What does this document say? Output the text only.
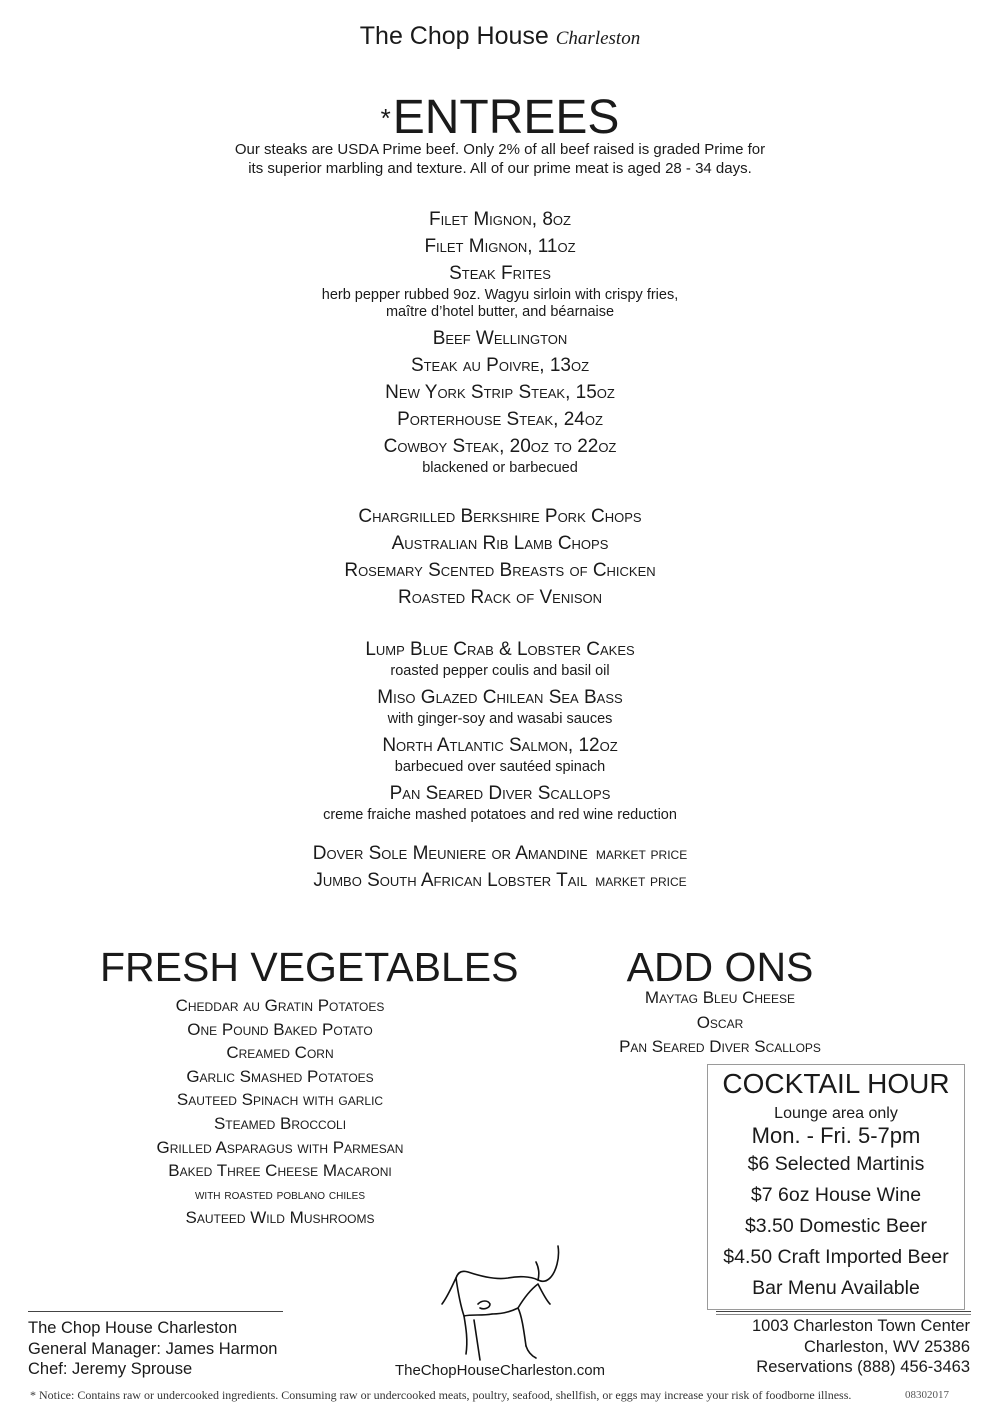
The Chop House Charleston
*ENTREES
Our steaks are USDA Prime beef. Only 2% of all beef raised is graded Prime for
its superior marbling and texture. All of our prime meat is aged 28 - 34 days.
Filet Mignon, 8oz
Filet Mignon, 11oz
Steak Frites
herb pepper rubbed 9oz. Wagyu sirloin with crispy fries,
maître d’hotel butter, and béarnaise
Beef Wellington
Steak au Poivre, 13oz
New York Strip Steak, 15oz
Porterhouse Steak, 24oz
Cowboy Steak, 20oz to 22oz
blackened or barbecued
Chargrilled Berkshire Pork Chops
Australian Rib Lamb Chops
Rosemary Scented Breasts of Chicken
Roasted Rack of Venison
Lump Blue Crab & Lobster Cakes
roasted pepper coulis and basil oil
Miso Glazed Chilean Sea Bass
with ginger-soy and wasabi sauces
North Atlantic Salmon, 12oz
barbecued over sautéed spinach
Pan Seared Diver Scallops
creme fraiche mashed potatoes and red wine reduction
Dover Sole Meuniere or Amandine market price
Jumbo South African Lobster Tail market price
FRESH VEGETABLES
Cheddar au Gratin Potatoes
One Pound Baked Potato
Creamed Corn
Garlic Smashed Potatoes
Sauteed Spinach with garlic
Steamed Broccoli
Grilled Asparagus with Parmesan
Baked Three Cheese Macaroni
with roasted poblano chiles
Sauteed Wild Mushrooms
ADD ONS
Maytag Bleu Cheese
Oscar
Pan Seared Diver Scallops
COCKTAIL HOUR
Lounge area only
Mon. - Fri. 5-7pm
$6 Selected Martinis
$7 6oz House Wine
$3.50 Domestic Beer
$4.50 Craft Imported Beer
Bar Menu Available
The Chop House Charleston
General Manager: James Harmon
Chef: Jeremy Sprouse	TheChopHouseCharleston.com
1003 Charleston Town Center
Charleston, WV 25386
Reservations (888) 456-3463
* Notice: Contains raw or undercooked ingredients. Consuming raw or undercooked meats, poultry, seafood, shellfish, or eggs may increase your risk of foodborne illness.	08302017
